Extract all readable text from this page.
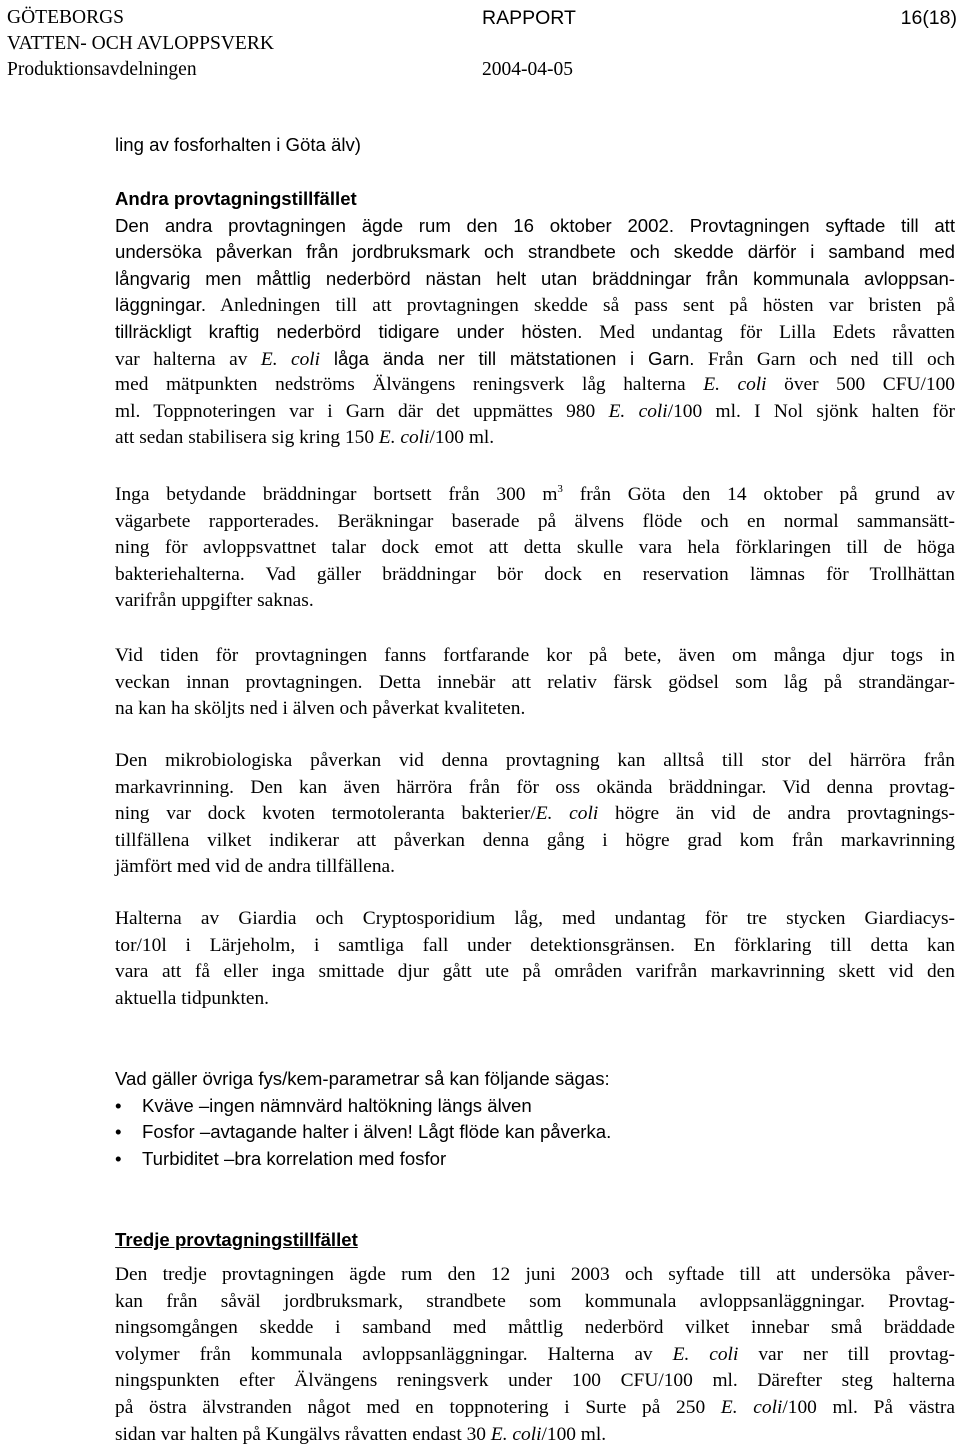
GÖTEBORGS	RAPPORT	16(18)
VATTEN- OCH AVLOPPSVERK
Produktionsavdelningen	2004-04-05
ling av fosforhalten i Göta älv)
Andra provtagningstillfället
Den andra provtagningen ägde rum den 16 oktober 2002. Provtagningen syftade till att
undersöka påverkan från jordbruksmark och strandbete och skedde därför i samband med
långvarig men måttlig nederbörd nästan helt utan bräddningar från kommunala avloppsan-
läggningar. Anledningen till att provtagningen skedde så pass sent på hösten var bristen på
tillräckligt kraftig nederbörd tidigare under hösten. Med undantag för Lilla Edets råvatten
var halterna av E. coli låga ända ner till mätstationen i Garn. Från Garn och ned till och
med mätpunkten nedströms Älvängens reningsverk låg halterna E. coli över 500 CFU/100
ml. Toppnoteringen var i Garn där det uppmättes 980 E. coli/100 ml. I Nol sjönk halten för
att sedan stabilisera sig kring 150 E. coli/100 ml.
Inga betydande bräddningar bortsett från 300 $m^3$ från Göta den 14 oktober på grund av
vägarbete rapporterades. Beräkningar baserade på älvens flöde och en normal sammansätt-
ning för avloppsvattnet talar dock emot att detta skulle vara hela förklaringen till de höga
bakteriehalterna. Vad gäller bräddningar bör dock en reservation lämnas för Trollhättan
varifrån uppgifter saknas.
Vid tiden för provtagningen fanns fortfarande kor på bete, även om många djur togs in
veckan innan provtagningen. Detta innebär att relativ färsk gödsel som låg på strandängar-
na kan ha sköljts ned i älven och påverkat kvaliteten.
Den mikrobiologiska påverkan vid denna provtagning kan alltså till stor del härröra från
markavrinning. Den kan även härröra från för oss okända bräddningar. Vid denna provtag-
ning var dock kvoten termotoleranta bakterier/E. coli högre än vid de andra provtagnings-
tillfällena vilket indikerar att påverkan denna gång i högre grad kom från markavrinning
jämfört med vid de andra tillfällena.
Halterna av Giardia och Cryptosporidium låg, med undantag för tre stycken Giardiacys-
tor/10l i Lärjeholm, i samtliga fall under detektionsgränsen. En förklaring till detta kan
vara att få eller inga smittade djur gått ute på områden varifrån markavrinning skett vid den
aktuella tidpunkten.
Vad gäller övriga fys/kem-parametrar så kan följande sägas:
• Kväve –ingen nämnvärd haltökning längs älven
• Fosfor –avtagande halter i älven! Lågt flöde kan påverka.
• Turbiditet –bra korrelation med fosfor
Tredje provtagningstillfället
Den tredje provtagningen ägde rum den 12 juni 2003 och syftade till att undersöka påver-
kan från såväl jordbruksmark, strandbete som kommunala avloppsanläggningar. Provtag-
ningsomgången skedde i samband med måttlig nederbörd vilket innebar små bräddade
volymer från kommunala avloppsanläggningar. Halterna av E. coli var ner till provtag-
ningspunkten efter Älvängens reningsverk under 100 CFU/100 ml. Därefter steg halterna
på östra älvstranden något med en toppnotering i Surte på 250 E. coli/100 ml. På västra
sidan var halten på Kungälvs råvatten endast 30 E. coli/100 ml.
